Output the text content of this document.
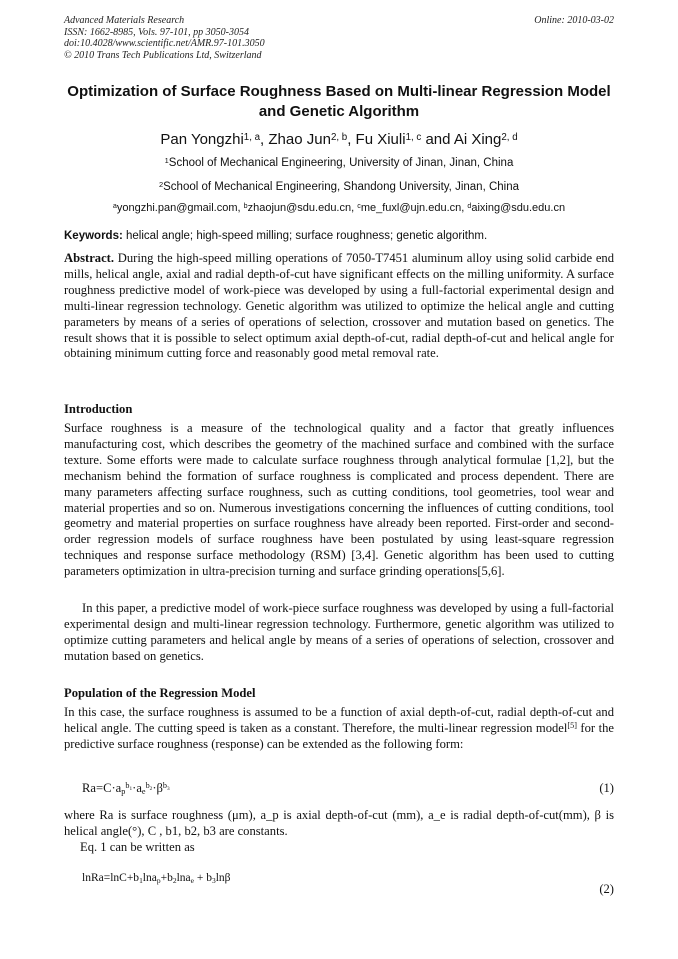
Advanced Materials Research
ISSN: 1662-8985, Vols. 97-101, pp 3050-3054
doi:10.4028/www.scientific.net/AMR.97-101.3050
© 2010 Trans Tech Publications Ltd, Switzerland
Online: 2010-03-02
Optimization of Surface Roughness Based on Multi-linear Regression Model and Genetic Algorithm
Pan Yongzhi$^{1, a}$, Zhao Jun$^{2, b}$, Fu Xiuli$^{1, c}$ and Ai Xing$^{2, d}$
$^1$School of Mechanical Engineering, University of Jinan, Jinan, China
$^2$School of Mechanical Engineering, Shandong University, Jinan, China
$^a$yongzhi.pan@gmail.com, $^b$zhaojun@sdu.edu.cn, $^c$me_fuxl@ujn.edu.cn, $^d$aixing@sdu.edu.cn
Keywords: helical angle; high-speed milling; surface roughness; genetic algorithm.
Abstract. During the high-speed milling operations of 7050-T7451 aluminum alloy using solid carbide end mills, helical angle, axial and radial depth-of-cut have significant effects on the milling uniformity. A surface roughness predictive model of work-piece was developed by using a full-factorial experimental design and multi-linear regression technology. Genetic algorithm was utilized to optimize the helical angle and cutting parameters by means of a series of operations of selection, crossover and mutation based on genetics. The result shows that it is possible to select optimum axial depth-of-cut, radial depth-of-cut and helical angle for obtaining minimum cutting force and reasonably good metal removal rate.
Introduction
Surface roughness is a measure of the technological quality and a factor that greatly influences manufacturing cost, which describes the geometry of the machined surface and combined with the surface texture. Some efforts were made to calculate surface roughness through analytical formulae [1,2], but the mechanism behind the formation of surface roughness is complicated and process dependent. There are many parameters affecting surface roughness, such as cutting conditions, tool geometries, tool wear and material properties and so on. Numerous investigations concerning the influences of cutting conditions, tool geometry and material properties on surface roughness have already been reported. First-order and second-order regression models of surface roughness have been postulated by using least-square regression techniques and response surface methodology (RSM) [3,4]. Genetic algorithm has been used to cutting parameters optimization in ultra-precision turning and surface grinding operations[5,6].
In this paper, a predictive model of work-piece surface roughness was developed by using a full-factorial experimental design and multi-linear regression technology. Furthermore, genetic algorithm was utilized to optimize cutting parameters and helical angle by means of a series of operations of selection, crossover and mutation based on genetics.
Population of the Regression Model
In this case, the surface roughness is assumed to be a function of axial depth-of-cut, radial depth-of-cut and helical angle. The cutting speed is taken as a constant. Therefore, the multi-linear regression model[5] for the predictive surface roughness (response) can be extended as the following form:
$Ra=C\cdot a_p^{b_1}\cdot a_e^{b_2}\cdot\beta^{b_3}$	(1)
where Ra is surface roughness (μm), a_p is axial depth-of-cut (mm), a_e is radial depth-of-cut(mm), β is helical angle(°), C , b1, b2, b3 are constants.
Eq. 1 can be written as
$lnRa=\ln C+b_1\ln a_p+b_2\ln a_e + b_3\ln\beta$
(2)
